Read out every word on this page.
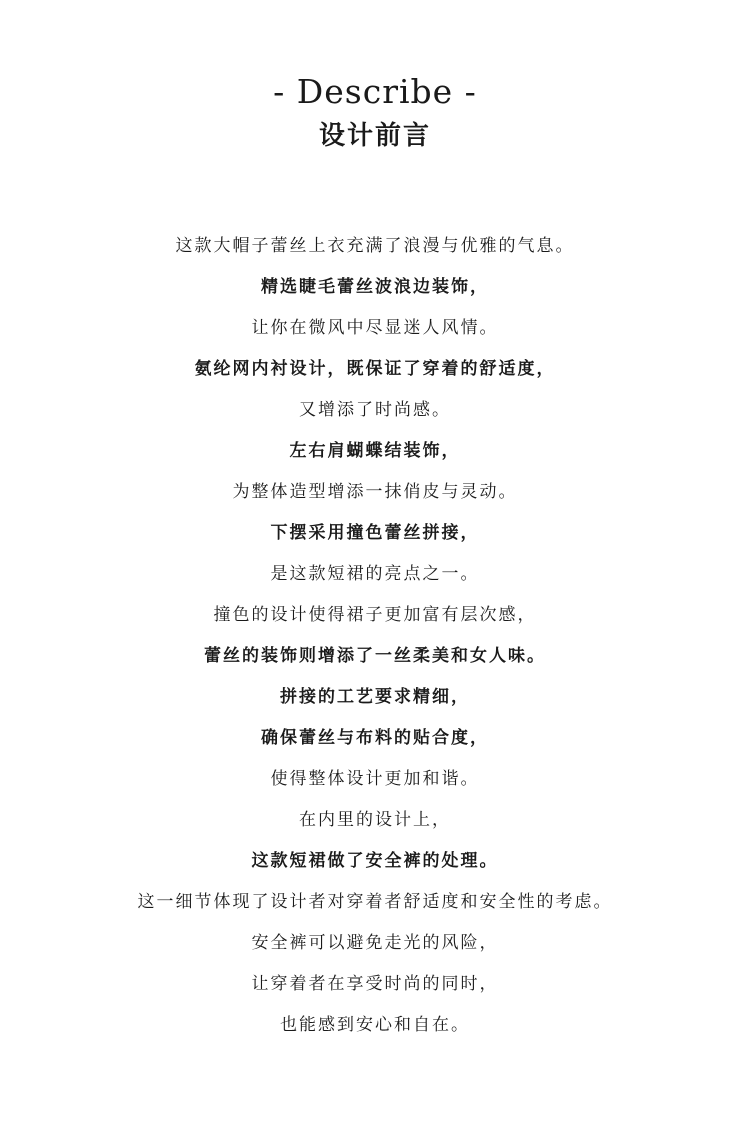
- Describe -
设计前言
这款大帽子蕾丝上衣充满了浪漫与优雅的气息。
精选睫毛蕾丝波浪边装饰，
让你在微风中尽显迷人风情。
氨纶网内衬设计，既保证了穿着的舒适度，
又增添了时尚感。
左右肩蝴蝶结装饰，
为整体造型增添一抹俏皮与灵动。
下摆采用撞色蕾丝拼接，
是这款短裙的亮点之一。
撞色的设计使得裙子更加富有层次感，
蕾丝的装饰则增添了一丝柔美和女人味。
拼接的工艺要求精细，
确保蕾丝与布料的贴合度，
使得整体设计更加和谐。
在内里的设计上，
这款短裙做了安全裤的处理。
这一细节体现了设计者对穿着者舒适度和安全性的考虑。
安全裤可以避免走光的风险，
让穿着者在享受时尚的同时，
也能感到安心和自在。
